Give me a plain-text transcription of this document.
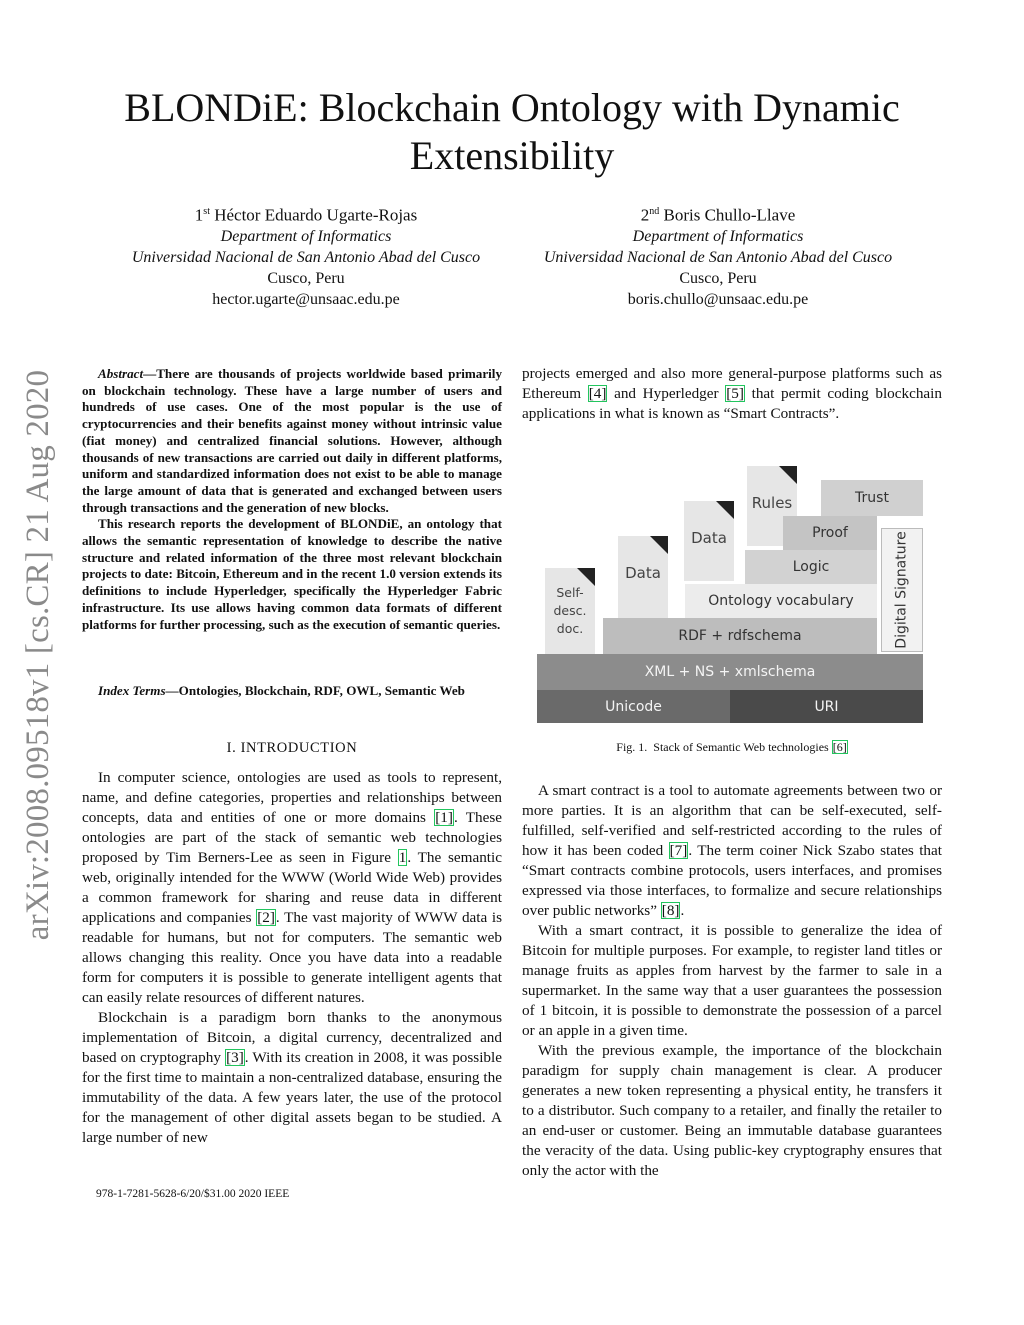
arXiv:2008.09518v1 [cs.CR] 21 Aug 2020
BLONDiE: Blockchain Ontology with Dynamic
Extensibility
1st Héctor Eduardo Ugarte-Rojas
Department of Informatics
Universidad Nacional de San Antonio Abad del Cusco
Cusco, Peru
hector.ugarte@unsaac.edu.pe
2nd Boris Chullo-Llave
Department of Informatics
Universidad Nacional de San Antonio Abad del Cusco
Cusco, Peru
boris.chullo@unsaac.edu.pe

Abstract—There are thousands of projects worldwide based primarily on blockchain technology. These have a large number of users and hundreds of use cases. One of the most popular is the use of cryptocurrencies and their benefits against money without intrinsic value (fiat money) and centralized financial solutions. However, although thousands of new transactions are carried out daily in different platforms, uniform and standardized information does not exist to be able to manage the large amount of data that is generated and exchanged between users through transactions and the generation of new blocks.

This research reports the development of BLONDiE, an ontology that allows the semantic representation of knowledge to describe the native structure and related information of the three most relevant blockchain projects to date: Bitcoin, Ethereum and in the recent 1.0 version extends its definitions to include Hyperledger, specifically the Hyperledger Fabric infrastructure. Its use allows having common data formats of different platforms for further processing, such as the execution of semantic queries.

Index Terms—Ontologies, Blockchain, RDF, OWL, Semantic Web

I. INTRODUCTION

In computer science, ontologies are used as tools to represent, name, and define categories, properties and relationships between concepts, data and entities of one or more domains [1]. These ontologies are part of the stack of semantic web technologies proposed by Tim Berners-Lee as seen in Figure 1. The semantic web, originally intended for the WWW (World Wide Web) provides a common framework for sharing and reuse data in different applications and companies [2]. The vast majority of WWW data is readable for humans, but not for computers. The semantic web allows changing this reality. Once you have data into a readable form for computers it is possible to generate intelligent agents that can easily relate resources of different natures.

Blockchain is a paradigm born thanks to the anonymous implementation of Bitcoin, a digital currency, decentralized and based on cryptography [3]. With its creation in 2008, it was possible for the first time to maintain a non-centralized database, ensuring the immutability of the data. A few years later, the use of the protocol for the management of other digital assets began to be studied. A large number of new

978-1-7281-5628-6/20/$31.00 2020 IEEE

projects emerged and also more general-purpose platforms such as Ethereum [4] and Hyperledger [5] that permit coding blockchain applications in what is known as “Smart Contracts”.

Self-
desc.
doc.
Data
Data
Rules	Trust
Proof
Logic
Ontology vocabulary
RDF + rdfschema	Digital Signature
XML + NS + xmlschema
Unicode	URI
Fig. 1. Stack of Semantic Web technologies [6]

A smart contract is a tool to automate agreements between two or more parties. It is an algorithm that can be self-executed, self-fulfilled, self-verified and self-restricted according to the rules of how it has been coded [7]. The term coiner Nick Szabo states that “Smart contracts combine protocols, users interfaces, and promises expressed via those interfaces, to formalize and secure relationships over public networks” [8].

With a smart contract, it is possible to generalize the idea of Bitcoin for multiple purposes. For example, to register land titles or manage fruits as apples from harvest by the farmer to sale in a supermarket. In the same way that a user guarantees the possession of 1 bitcoin, it is possible to demonstrate the possession of a parcel or an apple in a given time.

With the previous example, the importance of the blockchain paradigm for supply chain management is clear. A producer generates a new token representing a physical entity, he transfers it to a distributor. Such company to a retailer, and finally the retailer to an end-user or customer. Being an immutable database guarantees the veracity of the data. Using public-key cryptography ensures that only the actor with the
